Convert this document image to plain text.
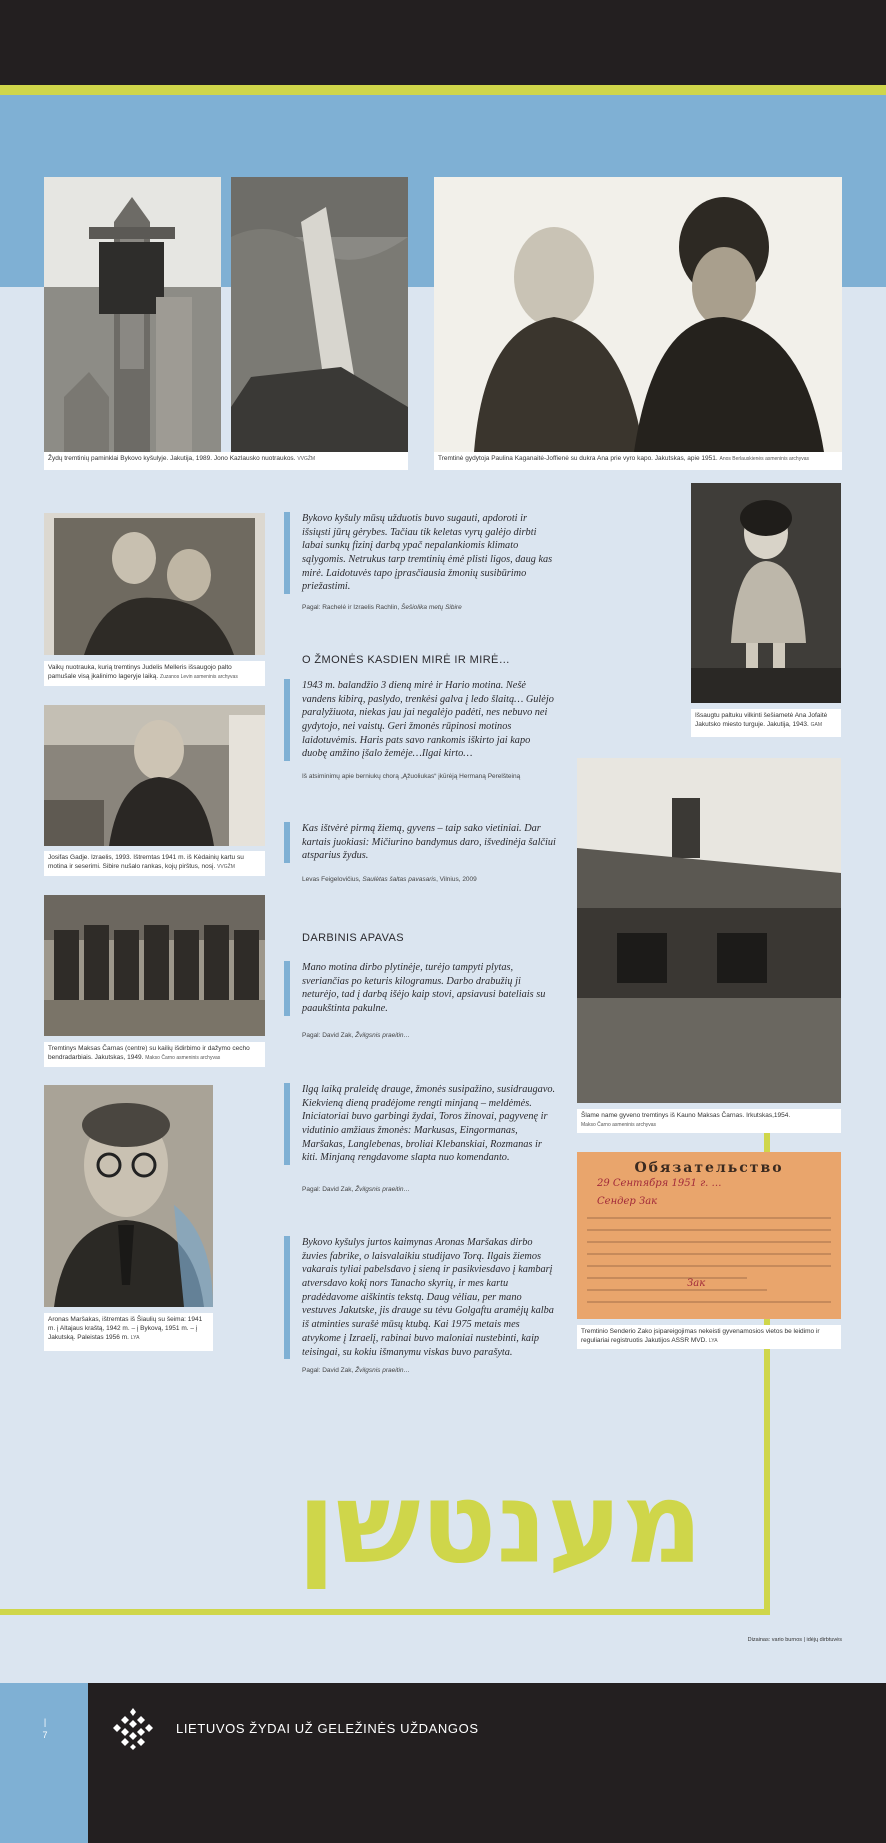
Žydų tremtinių paminklai Bykovo kyšulyje. Jakutija, 1989. Jono Kazlausko nuotraukos. VVGŽM	Tremtinė gydytoja Paulina Kaganaitė-Joffienė su dukra Ana prie vyro kapo. Jakutskas, apie 1951. Anos Berlauskienės asmeninis archyvas
Vaikų nuotrauka, kurią tremtinys Judelis Melleris išsaugojo palto pamušale visą įkalinimo lageryje laiką. Zuzanos Levin asmeninis archyvas
Išsaugtu paltuku vilkinti šešiametė Ana Jofaitė Jakutsko miesto turguje. Jakutija, 1943. GAM
Josifas Gadje. Izraelis, 1993. Ištremtas 1941 m. iš Kėdainių kartu su motina ir seserimi. Sibire nušalo rankas, kojų pirštus, nosį. VVGŽM
Tremtinys Maksas Čarnas (centre) su kailių išdirbimo ir dažymo cecho bendradarbiais. Jakutskas, 1949. Makso Čarno asmeninis archyvas
Šlame name gyveno tremtinys iš Kauno Maksas Čarnas. Irkutskas,1954.
Makso Čarno asmeninis archyvas
Aronas Maršakas, ištremtas iš Šiaulių su šeima: 1941 m. į Altajaus kraštą, 1942 m. – į Bykovą, 1951 m. – į Jakutską. Paleistas 1956 m. LYA
Обязательство
29 Сентября 1951 г. …
Сендер Зак
Зак
Tremtinio Senderio Zako įsipareigojimas nekeisti gyvenamosios vietos be leidimo ir reguliariai registruotis Jakutijos ASSR MVD. LYA
Bykovo kyšuly mūsų užduotis buvo sugauti, apdoroti ir išsiųsti jūrų gėrybes. Tačiau tik keletas vyrų galėjo dirbti labai sunkų fizinį darbą ypač nepalankiomis klimato sąlygomis. Netrukus tarp tremtinių ėmė plisti ligos, daug kas mirė. Laidotuvės tapo įprasčiausia žmonių susibūrimo priežastimi.
Pagal: Rachelė ir Izraelis Rachlin, Šešiolika metų Sibire
O ŽMONĖS KASDIEN MIRĖ IR MIRĖ…
1943 m. balandžio 3 dieną mirė ir Hario motina. Nešė vandens kibirą, paslydo, trenkėsi galva į ledo šlaitą… Gulėjo paralyžiuota, niekas jau jai negalėjo padėti, nes nebuvo nei gydytojo, nei vaistų. Geri žmonės rūpinosi motinos laidotuvėmis. Haris pats savo rankomis iškirto jai kapo duobę amžino įšalo žemėje…Ilgai kirto…
Iš atsiminimų apie berniukų chorą „Ąžuoliukas“ įkūrėją Hermaną Perelšteiną
Kas ištvėrė pirmą žiemą, gyvens – taip sako vietiniai. Dar kartais juokiasi: Mičiurino bandymus daro, išvedinėja šalčiui atsparius žydus.
Levas Feigelovičius, Saulėtas šaltas pavasaris, Vilnius, 2009
DARBINIS APAVAS
Mano motina dirbo plytinėje, turėjo tampyti plytas, sveriančias po keturis kilogramus. Darbo drabužių ji neturėjo, tad į darbą išėjo kaip stovi, apsiavusi bateliais su paaukštinta pakulne.
Pagal: David Zak, Žvilgsnis praeitin…
Ilgą laiką praleidę drauge, žmonės susipažino, susidraugavo. Kiekvieną dieną pradėjome rengti minjaną – meldėmės. Iniciatoriai buvo garbingi žydai, Toros žinovai, pagyvenę ir vidutinio amžiaus žmonės: Markusas, Eingormanas, Maršakas, Langlebenas, broliai Klebanskiai, Rozmanas ir kiti. Minjaną rengdavome slapta nuo komendanto.
Pagal: David Zak, Žvilgsnis praeitin…
Bykovo kyšulys jurtos kaimynas Aronas Maršakas dirbo žuvies fabrike, o laisvalaikiu studijavo Torą. Ilgais žiemos vakarais tyliai pabelsdavo į sieną ir pasikviesdavo į kambarį atversdavo kokį nors Tanacho skyrių, ir mes kartu pradėdavome aiškintis tekstą. Daug vėliau, per mano vestuves Jakutske, jis drauge su tėvu Golgaftu aramėjų kalba iš atminties surašė mūsų ktubą. Kai 1975 metais mes atvykome į Izraelį, rabinai buvo maloniai nustebinti, kaip teisingai, su kokiu išmanymu viskas buvo parašyta.
Pagal: David Zak, Žvilgsnis praeitin…
מענטשן
Dizainas: vario burnos | idėjų dirbtuvės
|
7	LIETUVOS ŽYDAI UŽ GELEŽINĖS UŽDANGOS
